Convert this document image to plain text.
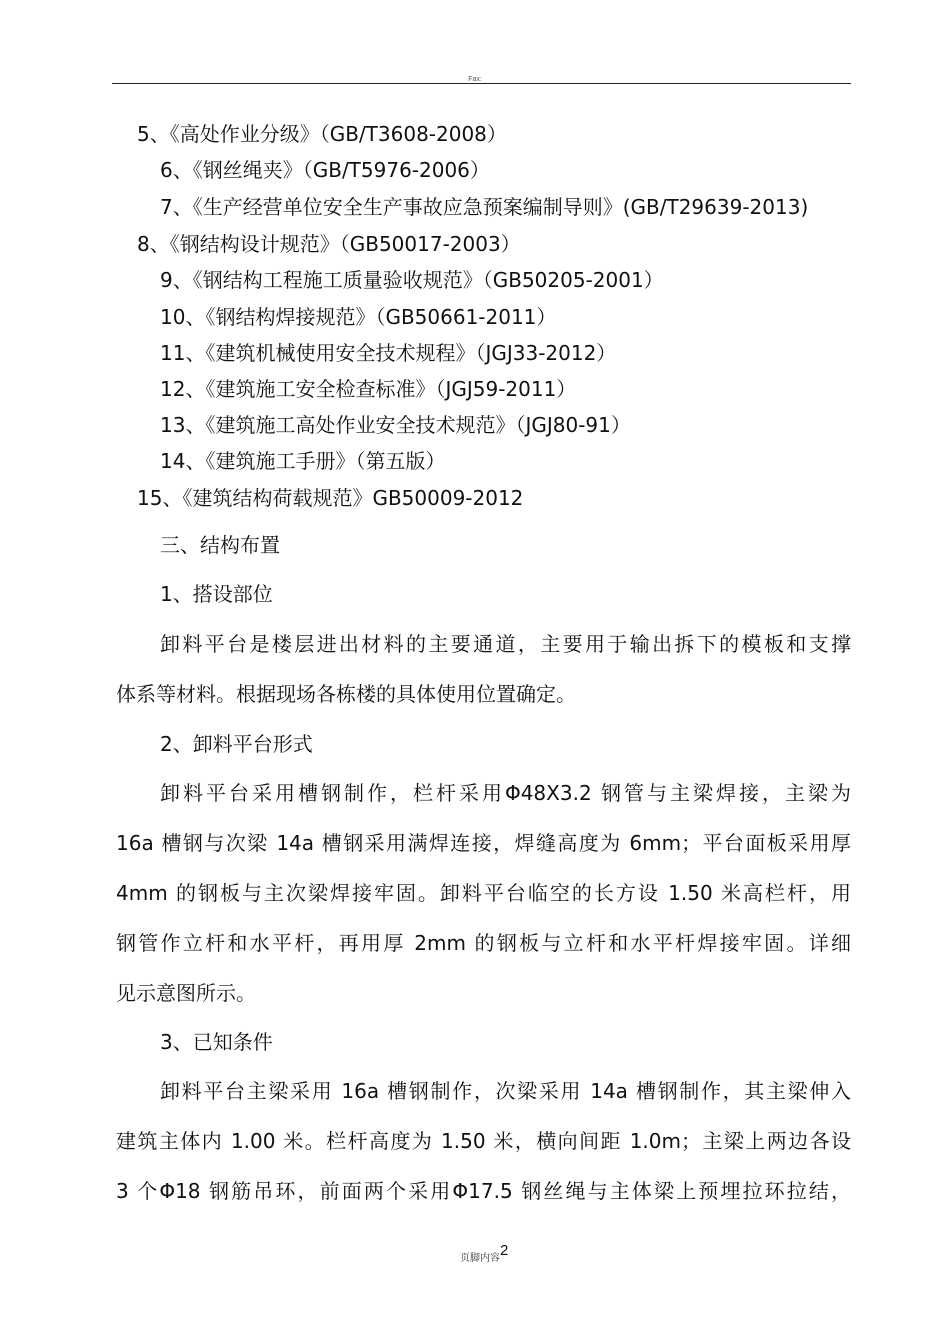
Fax:
5、《高处作业分级》（GB/T3608-2008）
6、《钢丝绳夹》（GB/T5976-2006）
7、《生产经营单位安全生产事故应急预案编制导则》(GB/T29639-2013)
8、《钢结构设计规范》（GB50017-2003）
9、《钢结构工程施工质量验收规范》（GB50205-2001）
10、《钢结构焊接规范》（GB50661-2011）
11、《建筑机械使用安全技术规程》（JGJ33-2012）
12、《建筑施工安全检查标准》（JGJ59-2011）
13、《建筑施工高处作业安全技术规范》（JGJ80-91）
14、《建筑施工手册》（第五版）
15、《建筑结构荷载规范》GB50009-2012
三、结构布置
1、搭设部位
卸料平台是楼层进出材料的主要通道，主要用于输出拆下的模板和支撑
体系等材料。根据现场各栋楼的具体使用位置确定。
2、卸料平台形式
卸料平台采用槽钢制作，栏杆采用Φ48X3.2 钢管与主梁焊接，主梁为
16a 槽钢与次梁 14a 槽钢采用满焊连接，焊缝高度为 6mm；平台面板采用厚
4mm 的钢板与主次梁焊接牢固。卸料平台临空的长方设 1.50 米高栏杆，用
钢管作立杆和水平杆，再用厚 2mm 的钢板与立杆和水平杆焊接牢固。详细
见示意图所示。
3、已知条件
卸料平台主梁采用 16a 槽钢制作，次梁采用 14a 槽钢制作，其主梁伸入
建筑主体内 1.00 米。栏杆高度为 1.50 米，横向间距 1.0m；主梁上两边各设
3 个Φ18 钢筋吊环，前面两个采用Φ17.5 钢丝绳与主体梁上预埋拉环拉结，
页脚内容2
